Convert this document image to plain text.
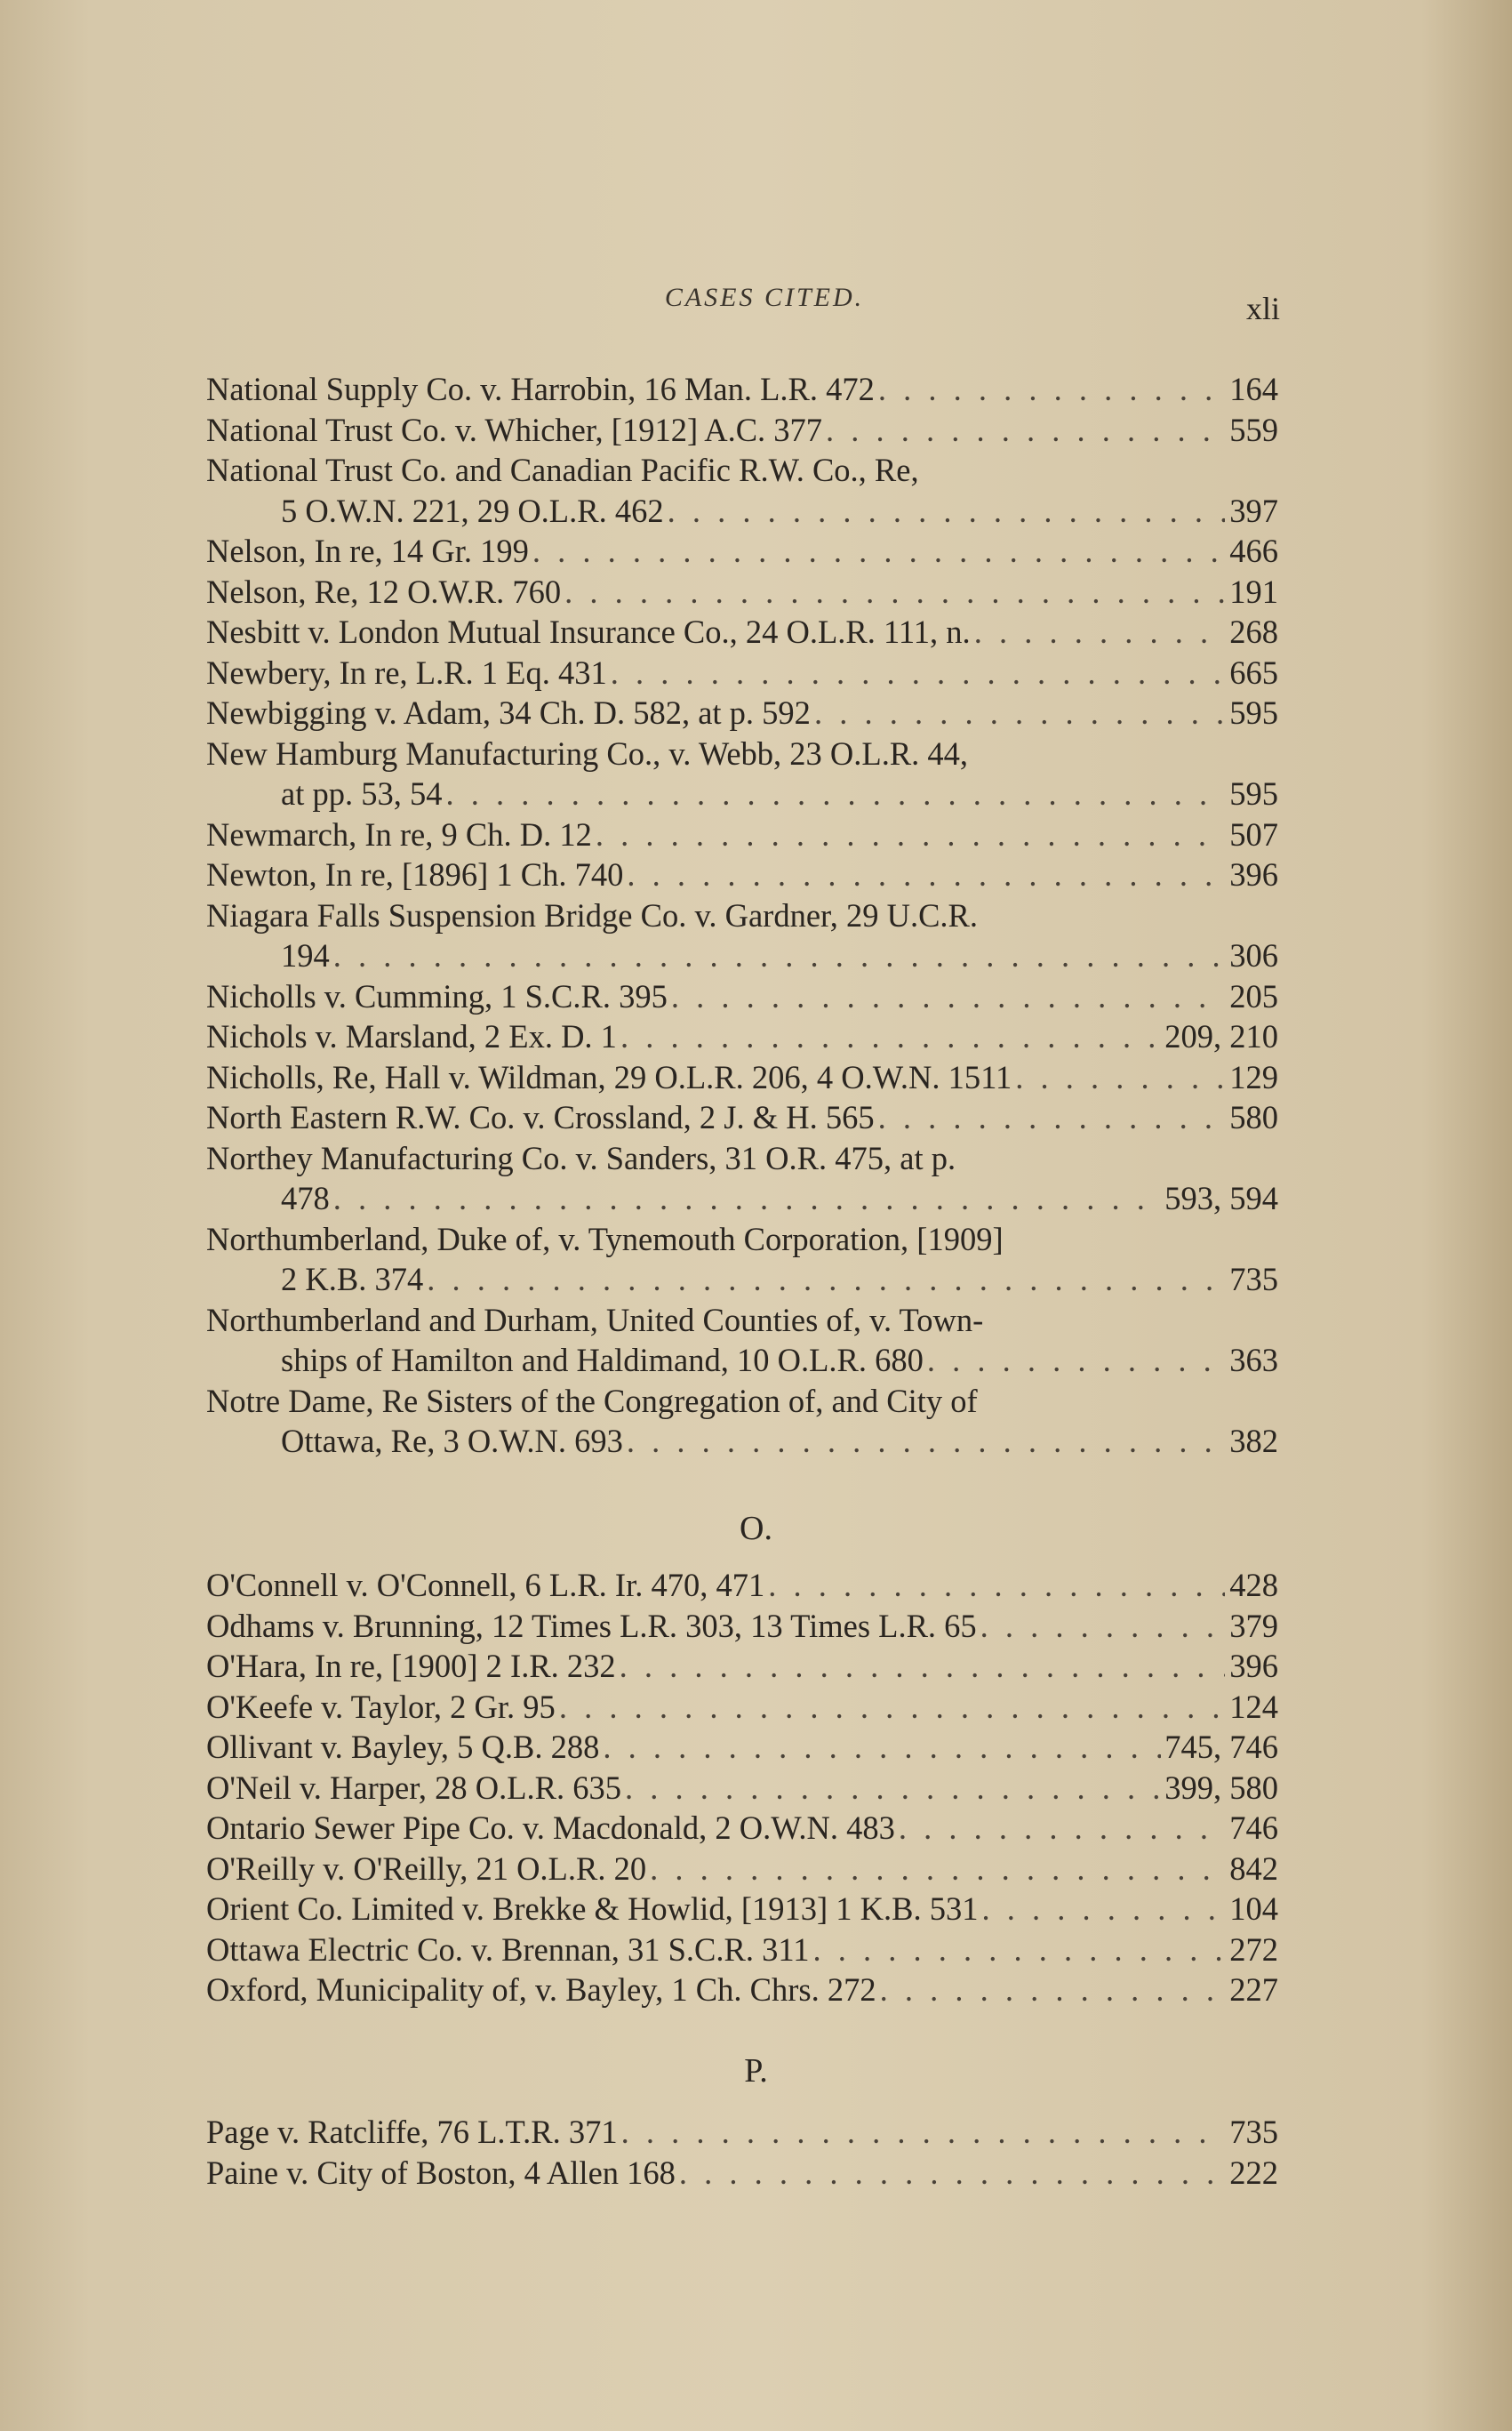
CASES CITED.	xli
National Supply Co. v. Harrobin, 16 Man. L.R. 472 . . .	164
National Trust Co. v. Whicher, [1912] A.C. 377 . . .	559
National Trust Co. and Canadian Pacific R.W. Co., Re,
5 O.W.N. 221, 29 O.L.R. 462 . . .	397
Nelson, In re, 14 Gr. 199 . . .	466
Nelson, Re, 12 O.W.R. 760 . . .	191
Nesbitt v. London Mutual Insurance Co., 24 O.L.R. 111, n. . . .	268
Newbery, In re, L.R. 1 Eq. 431 . . .	665
Newbigging v. Adam, 34 Ch. D. 582, at p. 592 . . .	595
New Hamburg Manufacturing Co., v. Webb, 23 O.L.R. 44,
at pp. 53, 54 . . .	595
Newmarch, In re, 9 Ch. D. 12 . . .	507
Newton, In re, [1896] 1 Ch. 740 . . .	396
Niagara Falls Suspension Bridge Co. v. Gardner, 29 U.C.R.
194 . . .	306
Nicholls v. Cumming, 1 S.C.R. 395 . . .	205
Nichols v. Marsland, 2 Ex. D. 1 . . .	209, 210
Nicholls, Re, Hall v. Wildman, 29 O.L.R. 206, 4 O.W.N. 1511 . . .	129
North Eastern R.W. Co. v. Crossland, 2 J. & H. 565 . . .	580
Northey Manufacturing Co. v. Sanders, 31 O.R. 475, at p.
478 . . .	593, 594
Northumberland, Duke of, v. Tynemouth Corporation, [1909]
2 K.B. 374 . . .	735
Northumberland and Durham, United Counties of, v. Town-
ships of Hamilton and Haldimand, 10 O.L.R. 680 . . .	363
Notre Dame, Re Sisters of the Congregation of, and City of
Ottawa, Re, 3 O.W.N. 693 . . .	382
O.
O'Connell v. O'Connell, 6 L.R. Ir. 470, 471 . . .	428
Odhams v. Brunning, 12 Times L.R. 303, 13 Times L.R. 65 . . .	379
O'Hara, In re, [1900] 2 I.R. 232 . . .	396
O'Keefe v. Taylor, 2 Gr. 95 . . .	124
Ollivant v. Bayley, 5 Q.B. 288 . . .	745, 746
O'Neil v. Harper, 28 O.L.R. 635 . . .	399, 580
Ontario Sewer Pipe Co. v. Macdonald, 2 O.W.N. 483 . . .	746
O'Reilly v. O'Reilly, 21 O.L.R. 20 . . .	842
Orient Co. Limited v. Brekke & Howlid, [1913] 1 K.B. 531 . . .	104
Ottawa Electric Co. v. Brennan, 31 S.C.R. 311 . . .	272
Oxford, Municipality of, v. Bayley, 1 Ch. Chrs. 272 . . .	227
P.
Page v. Ratcliffe, 76 L.T.R. 371 . . .	735
Paine v. City of Boston, 4 Allen 168 . . .	222
